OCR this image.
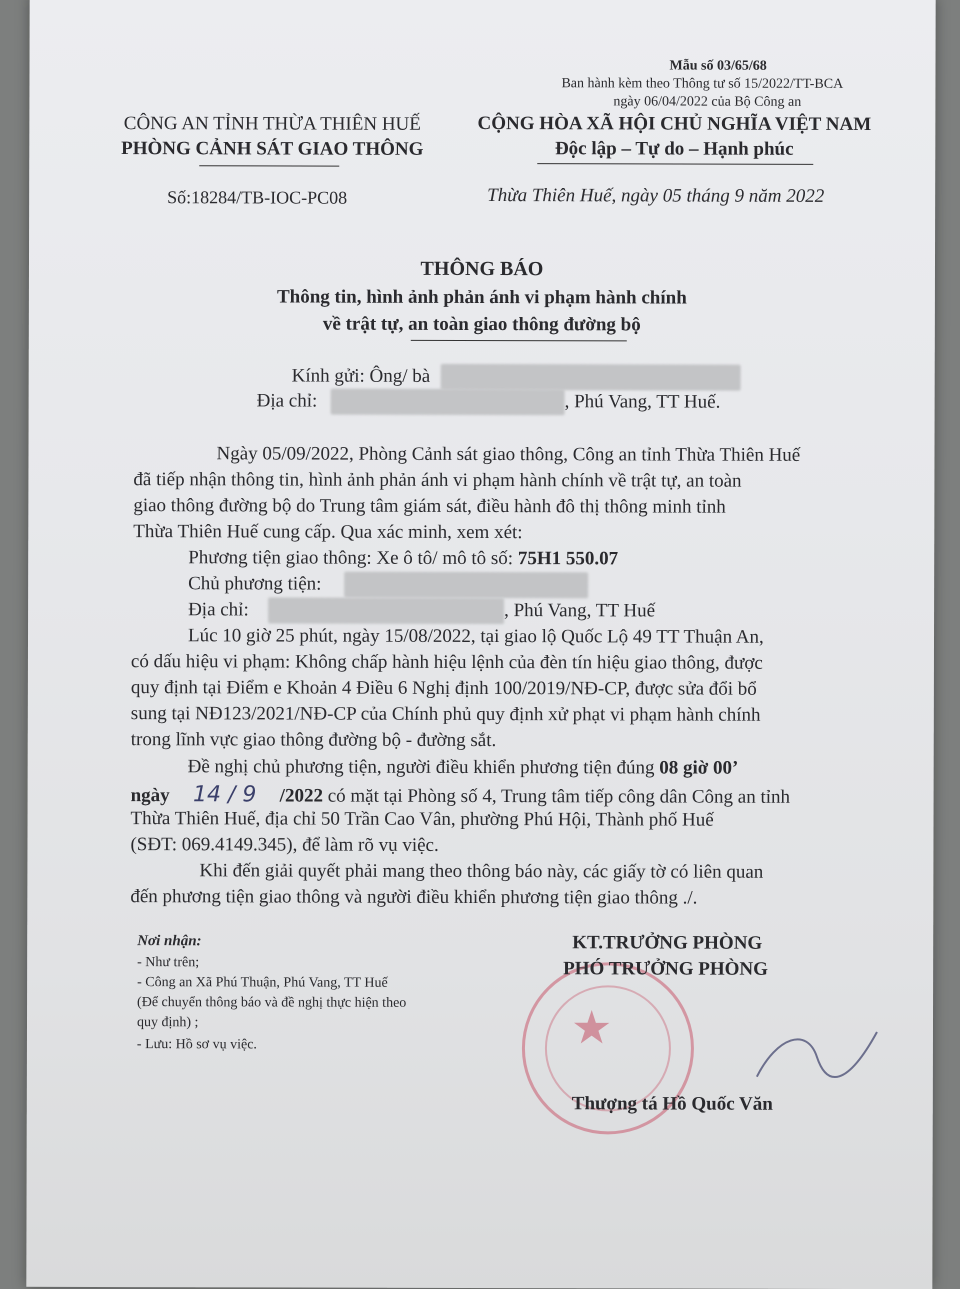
Mẫu số 03/65/68
Ban hành kèm theo Thông tư số 15/2022/TT-BCA
ngày 06/04/2022 của Bộ Công an
CÔNG AN TỈNH THỪA THIÊN HUẾ
PHÒNG CẢNH SÁT GIAO THÔNG
Số:18284/TB-IOC-PC08
CỘNG HÒA XÃ HỘI CHỦ NGHĨA VIỆT NAM
Độc lập – Tự do – Hạnh phúc
Thừa Thiên Huế, ngày 05 tháng 9 năm 2022
THÔNG BÁO
Thông tin, hình ảnh phản ánh vi phạm hành chính
về trật tự, an toàn giao thông đường bộ
Kính gửi: Ông/ bà
Địa chỉ:	, Phú Vang, TT Huế.
Ngày 05/09/2022, Phòng Cảnh sát giao thông, Công an tỉnh Thừa Thiên Huế
đã tiếp nhận thông tin, hình ảnh phản ánh vi phạm hành chính về trật tự, an toàn
giao thông đường bộ do Trung tâm giám sát, điều hành đô thị thông minh tỉnh
Thừa Thiên Huế cung cấp. Qua xác minh, xem xét:
Phương tiện giao thông: Xe ô tô/ mô tô số: 75H1 550.07
Chủ phương tiện:
Địa chỉ:	, Phú Vang, TT Huế
Lúc 10 giờ 25 phút, ngày 15/08/2022, tại giao lộ Quốc Lộ 49 TT Thuận An,
có dấu hiệu vi phạm: Không chấp hành hiệu lệnh của đèn tín hiệu giao thông, được
quy định tại Điểm e Khoản 4 Điều 6 Nghị định 100/2019/NĐ-CP, được sửa đổi bổ
sung tại NĐ123/2021/NĐ-CP của Chính phủ quy định xử phạt vi phạm hành chính
trong lĩnh vực giao thông đường bộ - đường sắt.
Đề nghị chủ phương tiện, người điều khiển phương tiện đúng 08 giờ 00’
ngày 14 / 9 /2022 có mặt tại Phòng số 4, Trung tâm tiếp công dân Công an tỉnh
Thừa Thiên Huế, địa chỉ 50 Trần Cao Vân, phường Phú Hội, Thành phố Huế
(SĐT: 069.4149.345), để làm rõ vụ việc.
Khi đến giải quyết phải mang theo thông báo này, các giấy tờ có liên quan
đến phương tiện giao thông và người điều khiển phương tiện giao thông ./.
Nơi nhận:
- Như trên;
- Công an Xã Phú Thuận, Phú Vang, TT Huế
(Để chuyển thông báo và đề nghị thực hiện theo
quy định) ;
- Lưu: Hồ sơ vụ việc.	★
KT.TRƯỞNG PHÒNG
PHÓ TRƯỞNG PHÒNG
Thượng tá Hồ Quốc Văn
